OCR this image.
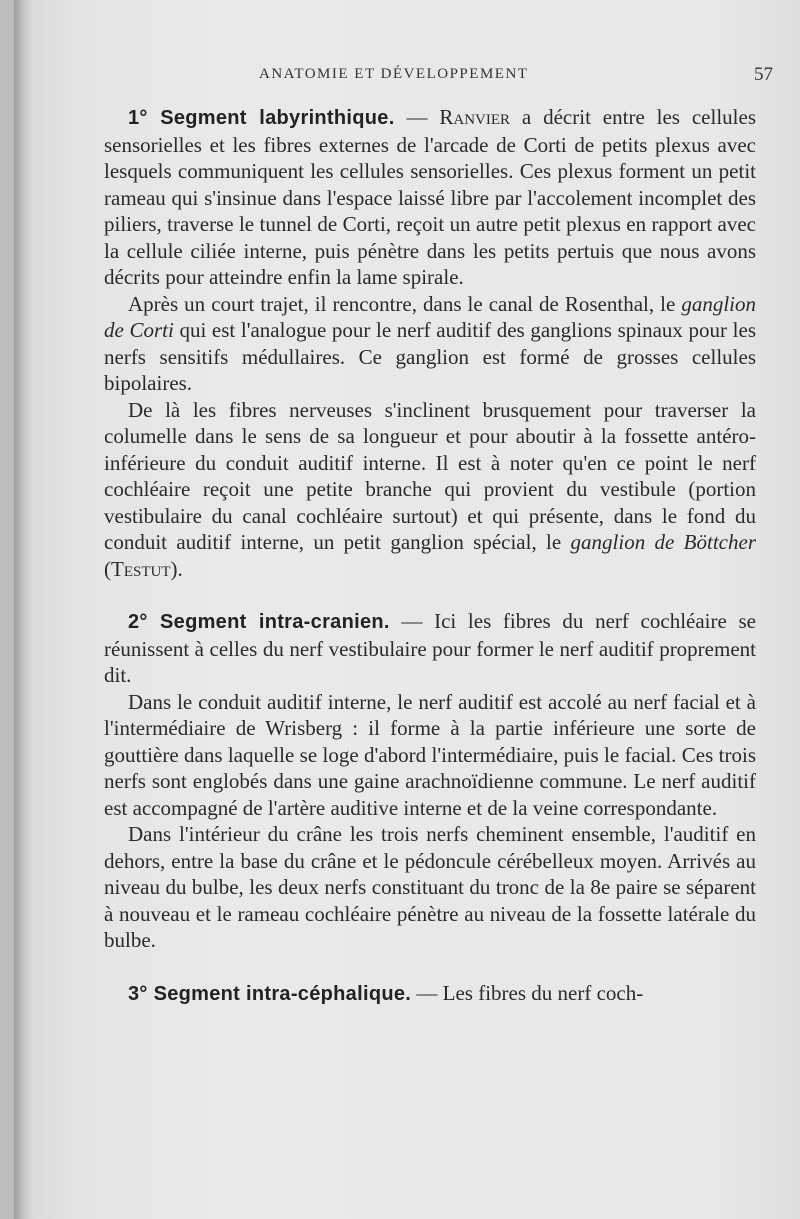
ANATOMIE ET DÉVELOPPEMENT	57

1° Segment labyrinthique. — Ranvier a décrit entre les cellules sensorielles et les fibres externes de l'arcade de Corti de petits plexus avec lesquels communiquent les cellules sensorielles. Ces plexus forment un petit rameau qui s'insinue dans l'espace laissé libre par l'accolement incomplet des piliers, traverse le tunnel de Corti, reçoit un autre petit plexus en rapport avec la cellule ciliée interne, puis pénètre dans les petits pertuis que nous avons décrits pour atteindre enfin la lame spirale.

Après un court trajet, il rencontre, dans le canal de Rosenthal, le ganglion de Corti qui est l'analogue pour le nerf auditif des ganglions spinaux pour les nerfs sensitifs médullaires. Ce ganglion est formé de grosses cellules bipolaires.

De là les fibres nerveuses s'inclinent brusquement pour traverser la columelle dans le sens de sa longueur et pour aboutir à la fossette antéro-inférieure du conduit auditif interne. Il est à noter qu'en ce point le nerf cochléaire reçoit une petite branche qui provient du vestibule (portion vestibulaire du canal cochléaire surtout) et qui présente, dans le fond du conduit auditif interne, un petit ganglion spécial, le ganglion de Böttcher (Testut).

2° Segment intra-cranien. — Ici les fibres du nerf cochléaire se réunissent à celles du nerf vestibulaire pour former le nerf auditif proprement dit.

Dans le conduit auditif interne, le nerf auditif est accolé au nerf facial et à l'intermédiaire de Wrisberg : il forme à la partie inférieure une sorte de gouttière dans laquelle se loge d'abord l'intermédiaire, puis le facial. Ces trois nerfs sont englobés dans une gaine arachnoïdienne commune. Le nerf auditif est accompagné de l'artère auditive interne et de la veine correspondante.

Dans l'intérieur du crâne les trois nerfs cheminent ensemble, l'auditif en dehors, entre la base du crâne et le pédoncule cérébelleux moyen. Arrivés au niveau du bulbe, les deux nerfs constituant du tronc de la 8e paire se séparent à nouveau et le rameau cochléaire pénètre au niveau de la fossette latérale du bulbe.

3° Segment intra-céphalique. — Les fibres du nerf coch-
